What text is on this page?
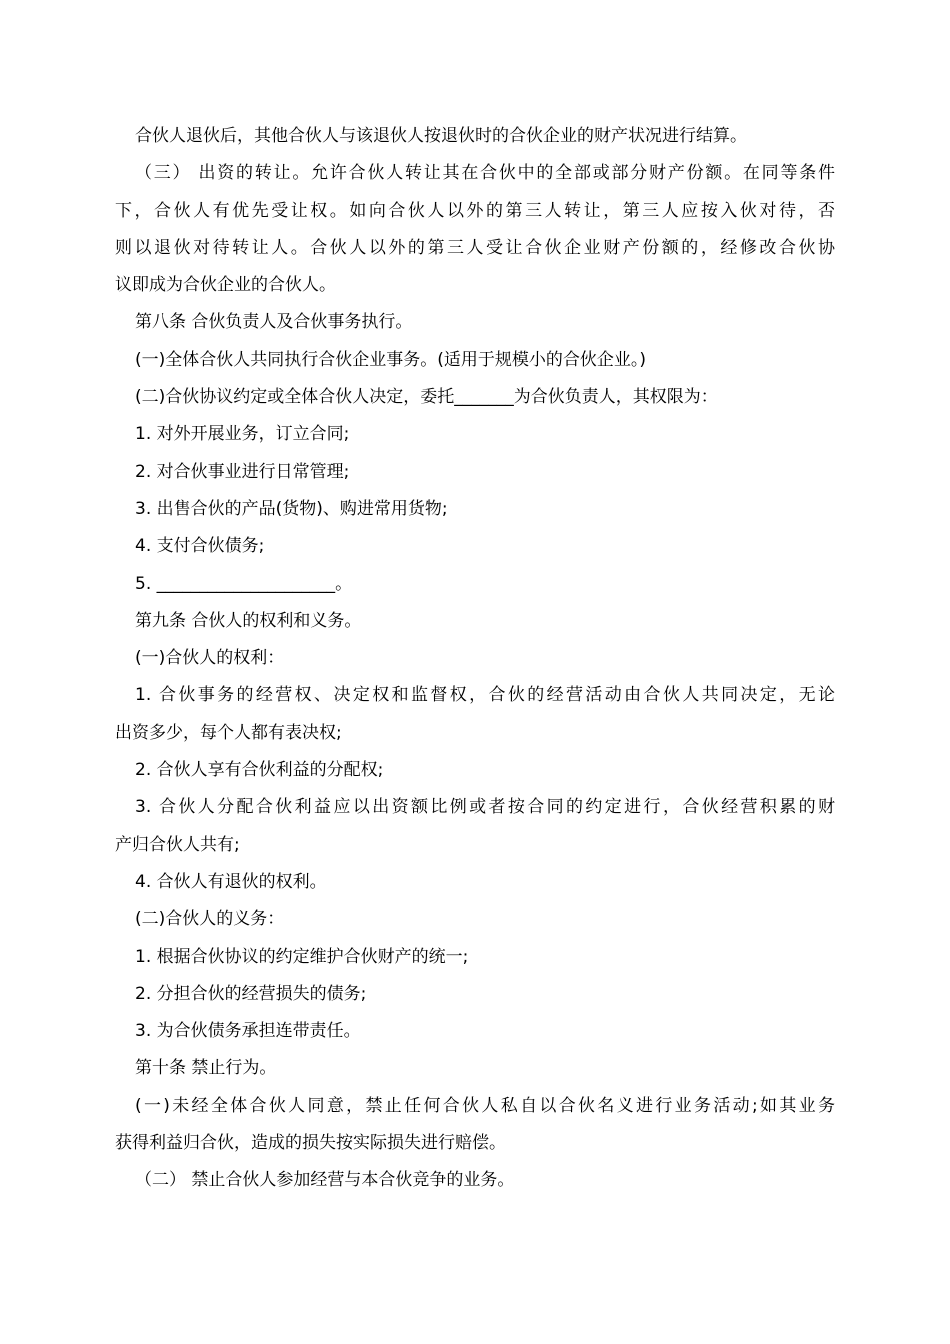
合伙人退伙后，其他合伙人与该退伙人按退伙时的合伙企业的财产状况进行结算。
（三） 出资的转让。允许合伙人转让其在合伙中的全部或部分财产份额。在同等条件
下，合伙人有优先受让权。如向合伙人以外的第三人转让，第三人应按入伙对待，否
则以退伙对待转让人。合伙人以外的第三人受让合伙企业财产份额的，经修改合伙协
议即成为合伙企业的合伙人。
第八条 合伙负责人及合伙事务执行。
(一)全体合伙人共同执行合伙企业事务。(适用于规模小的合伙企业。)
(二)合伙协议约定或全体合伙人决定，委托_______为合伙负责人，其权限为：
1. 对外开展业务，订立合同;
2. 对合伙事业进行日常管理;
3. 出售合伙的产品(货物)、购进常用货物;
4. 支付合伙债务;
5. _____________________。
第九条 合伙人的权利和义务。
(一)合伙人的权利：
1. 合伙事务的经营权、决定权和监督权，合伙的经营活动由合伙人共同决定，无论
出资多少，每个人都有表决权;
2. 合伙人享有合伙利益的分配权;
3. 合伙人分配合伙利益应以出资额比例或者按合同的约定进行，合伙经营积累的财
产归合伙人共有;
4. 合伙人有退伙的权利。
(二)合伙人的义务：
1. 根据合伙协议的约定维护合伙财产的统一;
2. 分担合伙的经营损失的债务;
3. 为合伙债务承担连带责任。
第十条 禁止行为。
(一)未经全体合伙人同意，禁止任何合伙人私自以合伙名义进行业务活动;如其业务
获得利益归合伙，造成的损失按实际损失进行赔偿。
（二） 禁止合伙人参加经营与本合伙竞争的业务。
